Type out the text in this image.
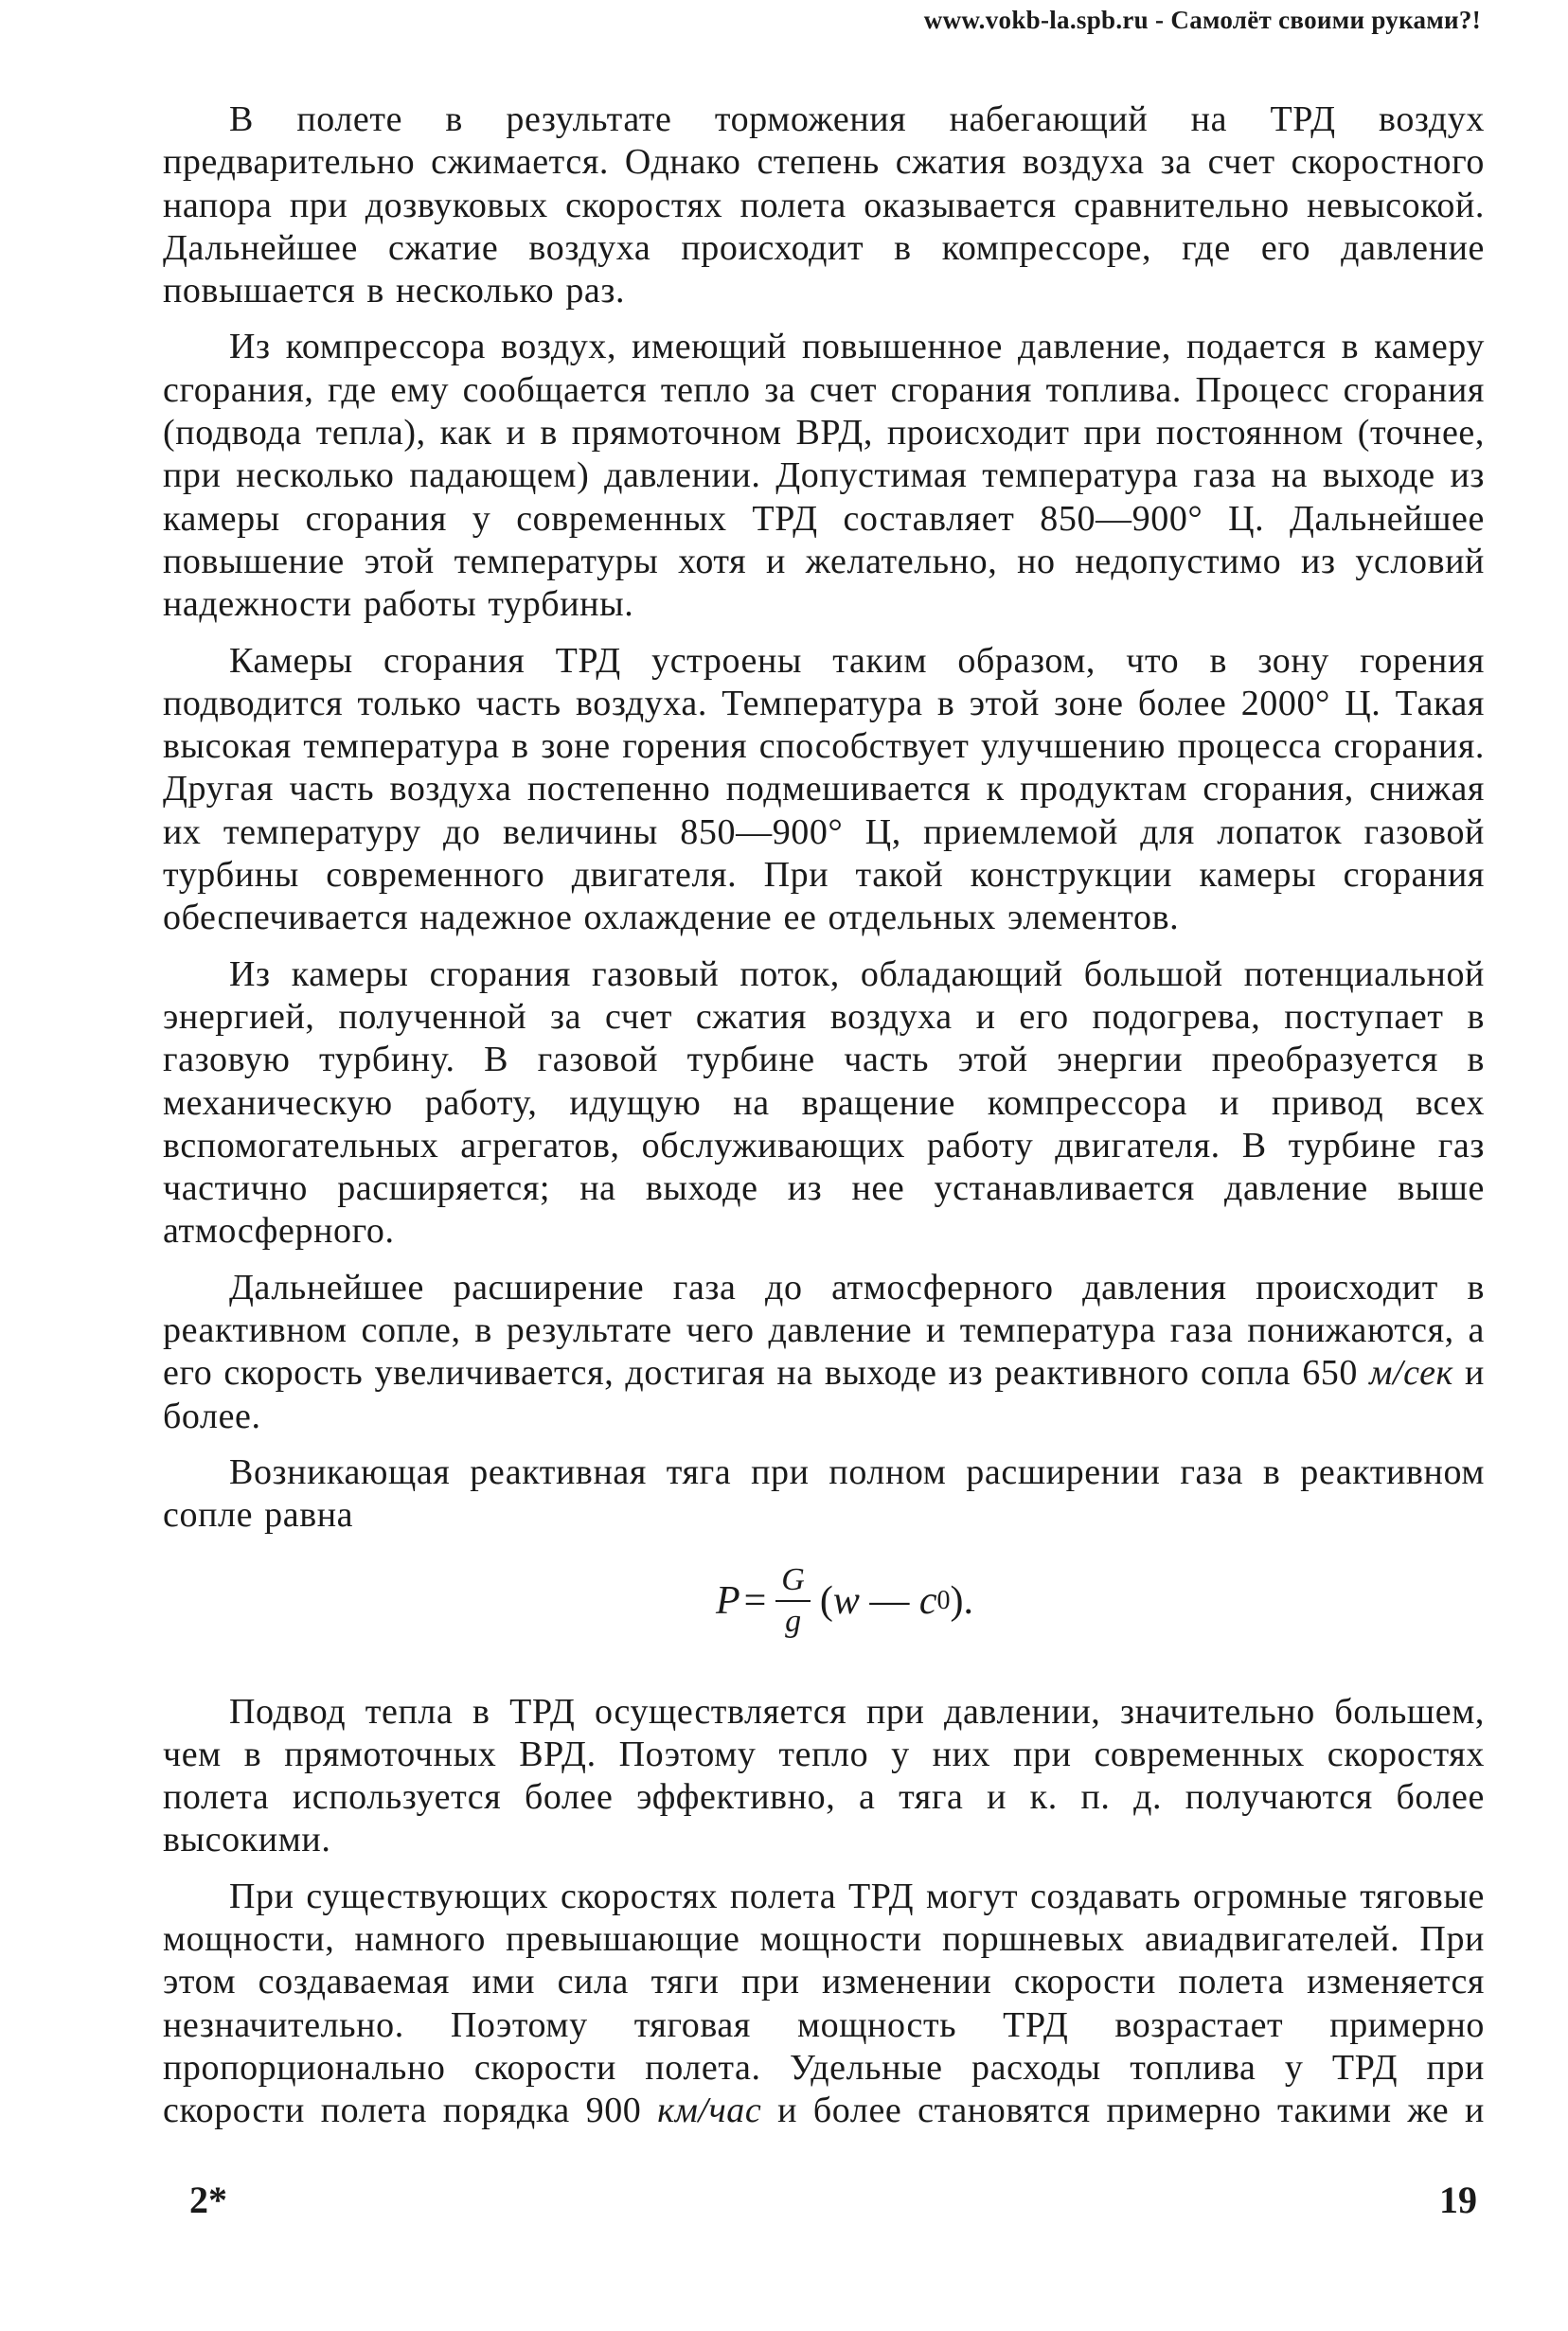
www.vokb-la.spb.ru - Самолёт своими руками?!

В полете в результате торможения набегающий на ТРД воздух предварительно сжимается. Однако степень сжатия воздуха за счет скоростного напора при дозвуковых скоростях полета оказывается сравнительно невысокой. Дальнейшее сжатие воздуха происходит в компрессоре, где его давление повышается в несколько раз.

Из компрессора воздух, имеющий повышенное давление, подается в камеру сгорания, где ему сообщается тепло за счет сгорания топлива. Процесс сгорания (подвода тепла), как и в прямоточном ВРД, происходит при постоянном (точнее, при несколько падающем) давлении. Допустимая температура газа на выходе из камеры сгорания у современных ТРД составляет 850—900° Ц. Дальнейшее повышение этой температуры хотя и желательно, но недопустимо из условий надежности работы турбины.

Камеры сгорания ТРД устроены таким образом, что в зону горения подводится только часть воздуха. Температура в этой зоне более 2000° Ц. Такая высокая температура в зоне горения способствует улучшению процесса сгорания. Другая часть воздуха постепенно подмешивается к продуктам сгорания, снижая их температуру до величины 850—900° Ц, приемлемой для лопаток газовой турбины современного двигателя. При такой конструкции камеры сгорания обеспечивается надежное охлаждение ее отдельных элементов.

Из камеры сгорания газовый поток, обладающий большой потенциальной энергией, полученной за счет сжатия воздуха и его подогрева, поступает в газовую турбину. В газовой турбине часть этой энергии преобразуется в механическую работу, идущую на вращение компрессора и привод всех вспомогательных агрегатов, обслуживающих работу двигателя. В турбине газ частично расширяется; на выходе из нее устанавливается давление выше атмосферного.

Дальнейшее расширение газа до атмосферного давления происходит в реактивном сопле, в результате чего давление и температура газа понижаются, а его скорость увеличивается, достигая на выходе из реактивного сопла 650 м/сек и более.

Возникающая реактивная тяга при полном расширении газа в реактивном сопле равна

$P = \frac{G}{g}$ ( w — c 0 ).

Подвод тепла в ТРД осуществляется при давлении, значительно большем, чем в прямоточных ВРД. Поэтому тепло у них при современных скоростях полета используется более эффективно, а тяга и к. п. д. получаются более высокими.

При существующих скоростях полета ТРД могут создавать огромные тяговые мощности, намного превышающие мощности поршневых авиадвигателей. При этом создаваемая ими сила тяги при изменении скорости полета изменяется незначительно. Поэтому тяговая мощность ТРД возрастает примерно пропорционально скорости полета. Удельные расходы топлива у ТРД при скорости полета порядка 900 км/час и более становятся примерно такими же и

2*	19
